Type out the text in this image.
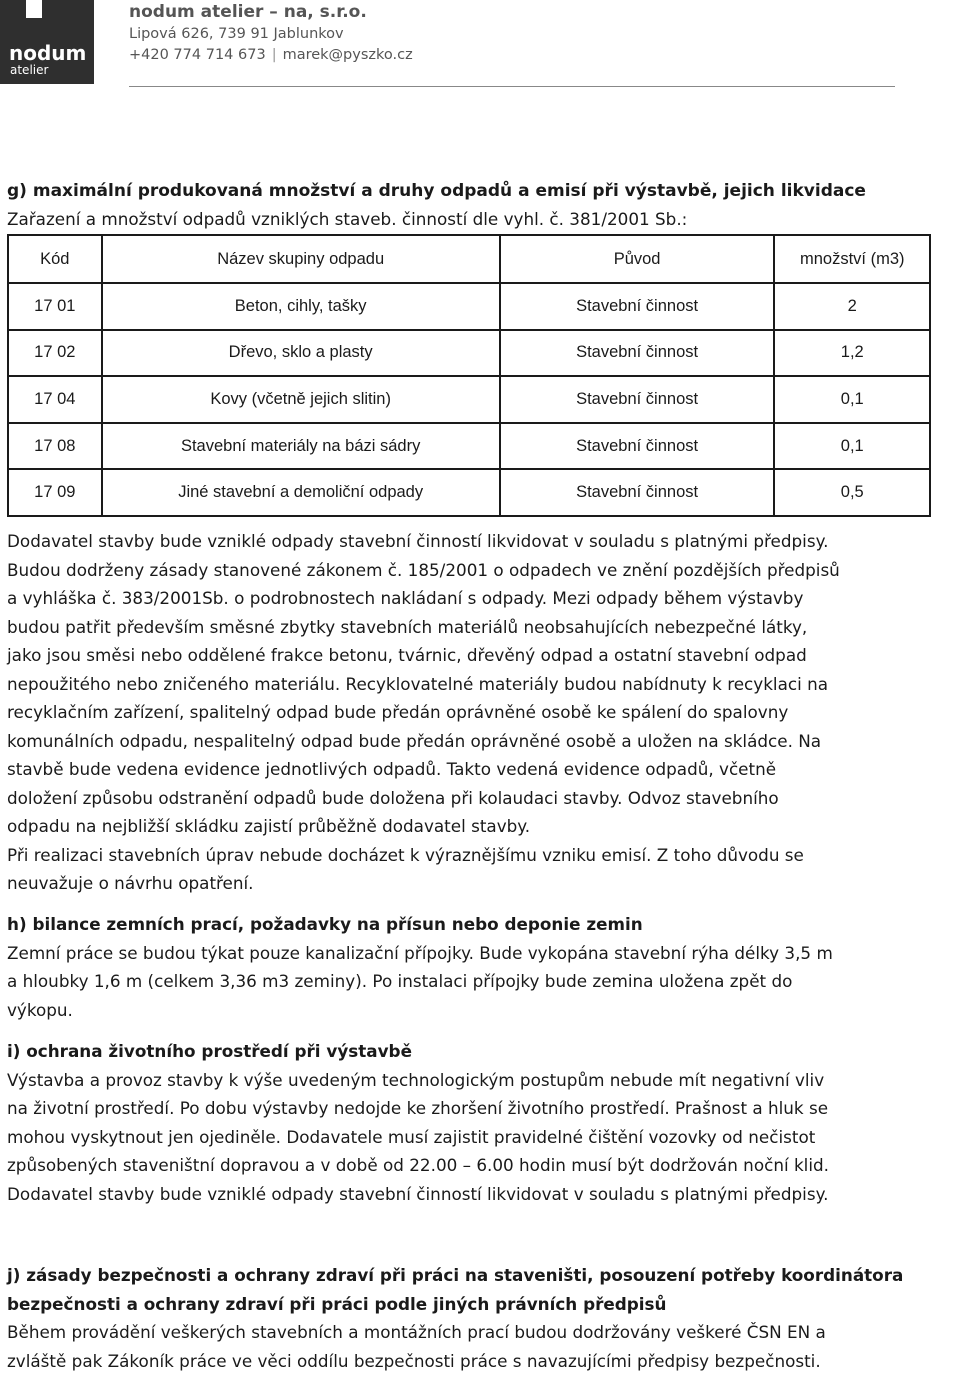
nodum
atelier
nodum atelier – na, s.r.o.
Lipová 626, 739 91 Jablunkov
+420 774 714 673 | marek@pyszko.cz

g) maximální produkovaná množství a druhy odpadů a emisí při výstavbě, jejich likvidace

Zařazení a množství odpadů vzniklých staveb. činností dle vyhl. č. 381/2001 Sb.:

Kód	Název skupiny odpadu	Původ	množství (m3)
17 01	Beton, cihly, tašky	Stavební činnost	2
17 02	Dřevo, sklo a plasty	Stavební činnost	1,2
17 04	Kovy (včetně jejich slitin)	Stavební činnost	0,1
17 08	Stavební materiály na bázi sádry	Stavební činnost	0,1
17 09	Jiné stavební a demoliční odpady	Stavební činnost	0,5
Dodavatel stavby bude vzniklé odpady stavební činností likvidovat v souladu s platnými předpisy.
Budou dodrženy zásady stanovené zákonem č. 185/2001 o odpadech ve znění pozdějších předpisů
a vyhláška č. 383/2001Sb. o podrobnostech nakládaní s odpady. Mezi odpady během výstavby
budou patřit především směsné zbytky stavebních materiálů neobsahujících nebezpečné látky,
jako jsou směsi nebo oddělené frakce betonu, tvárnic, dřevěný odpad a ostatní stavební odpad
nepoužitého nebo zničeného materiálu. Recyklovatelné materiály budou nabídnuty k recyklaci na
recyklačním zařízení, spalitelný odpad bude předán oprávněné osobě ke spálení do spalovny
komunálních odpadu, nespalitelný odpad bude předán oprávněné osobě a uložen na skládce. Na
stavbě bude vedena evidence jednotlivých odpadů. Takto vedená evidence odpadů, včetně
doložení způsobu odstranění odpadů bude doložena při kolaudaci stavby. Odvoz stavebního
odpadu na nejbližší skládku zajistí průběžně dodavatel stavby.
Při realizaci stavebních úprav nebude docházet k výraznějšímu vzniku emisí. Z toho důvodu se
neuvažuje o návrhu opatření.
h) bilance zemních prací, požadavky na přísun nebo deponie zemin
Zemní práce se budou týkat pouze kanalizační přípojky. Bude vykopána stavební rýha délky 3,5 m
a hloubky 1,6 m (celkem 3,36 m3 zeminy). Po instalaci přípojky bude zemina uložena zpět do
výkopu.
i) ochrana životního prostředí při výstavbě
Výstavba a provoz stavby k výše uvedeným technologickým postupům nebude mít negativní vliv
na životní prostředí. Po dobu výstavby nedojde ke zhoršení životního prostředí. Prašnost a hluk se
mohou vyskytnout jen ojediněle. Dodavatele musí zajistit pravidelné čištění vozovky od nečistot
způsobených staveništní dopravou a v době od 22.00 – 6.00 hodin musí být dodržován noční klid.
Dodavatel stavby bude vzniklé odpady stavební činností likvidovat v souladu s platnými předpisy.
j) zásady bezpečnosti a ochrany zdraví při práci na staveništi, posouzení potřeby koordinátora
bezpečnosti a ochrany zdraví při práci podle jiných právních předpisů
Během provádění veškerých stavebních a montážních prací budou dodržovány veškeré ČSN EN a
zvláště pak Zákoník práce ve věci oddílu bezpečnosti práce s navazujícími předpisy bezpečnosti.
